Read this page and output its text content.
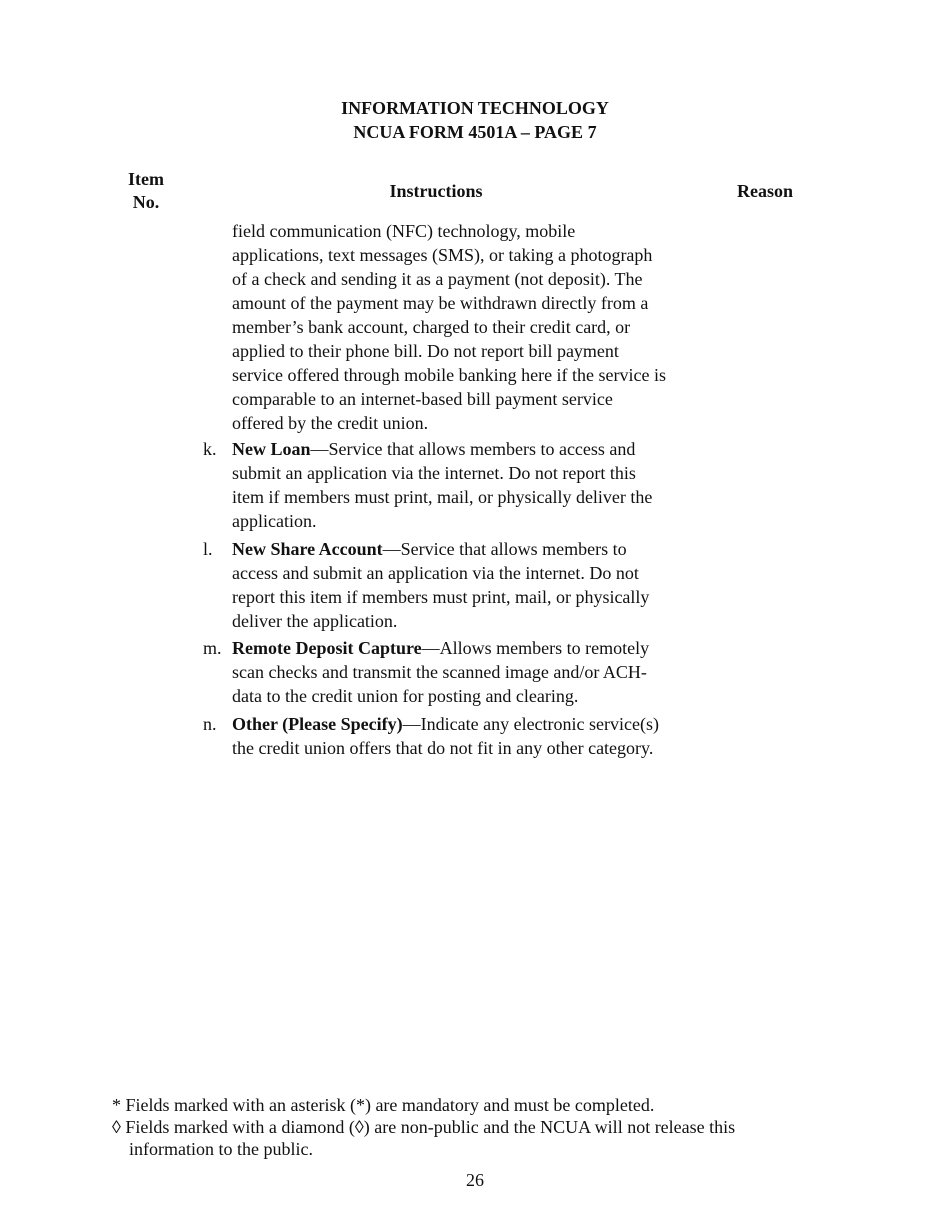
INFORMATION TECHNOLOGY
NCUA FORM 4501A – PAGE 7
Item
No.
Instructions	Reason
field communication (NFC) technology, mobile
applications, text messages (SMS), or taking a photograph
of a check and sending it as a payment (not deposit). The
amount of the payment may be withdrawn directly from a
member’s bank account, charged to their credit card, or
applied to their phone bill. Do not report bill payment
service offered through mobile banking here if the service is
comparable to an internet-based bill payment service
offered by the credit union.
k. New Loan—Service that allows members to access and
submit an application via the internet. Do not report this
item if members must print, mail, or physically deliver the
application.
l.	New Share Account—Service that allows members to
access and submit an application via the internet. Do not
report this item if members must print, mail, or physically
deliver the application.
m. Remote Deposit Capture—Allows members to remotely
scan checks and transmit the scanned image and/or ACH-
data to the credit union for posting and clearing.
n. Other (Please Specify)—Indicate any electronic service(s)
the credit union offers that do not fit in any other category.
* Fields marked with an asterisk (*) are mandatory and must be completed.
◊ Fields marked with a diamond (◊) are non-public and the NCUA will not release this
information to the public.
26
